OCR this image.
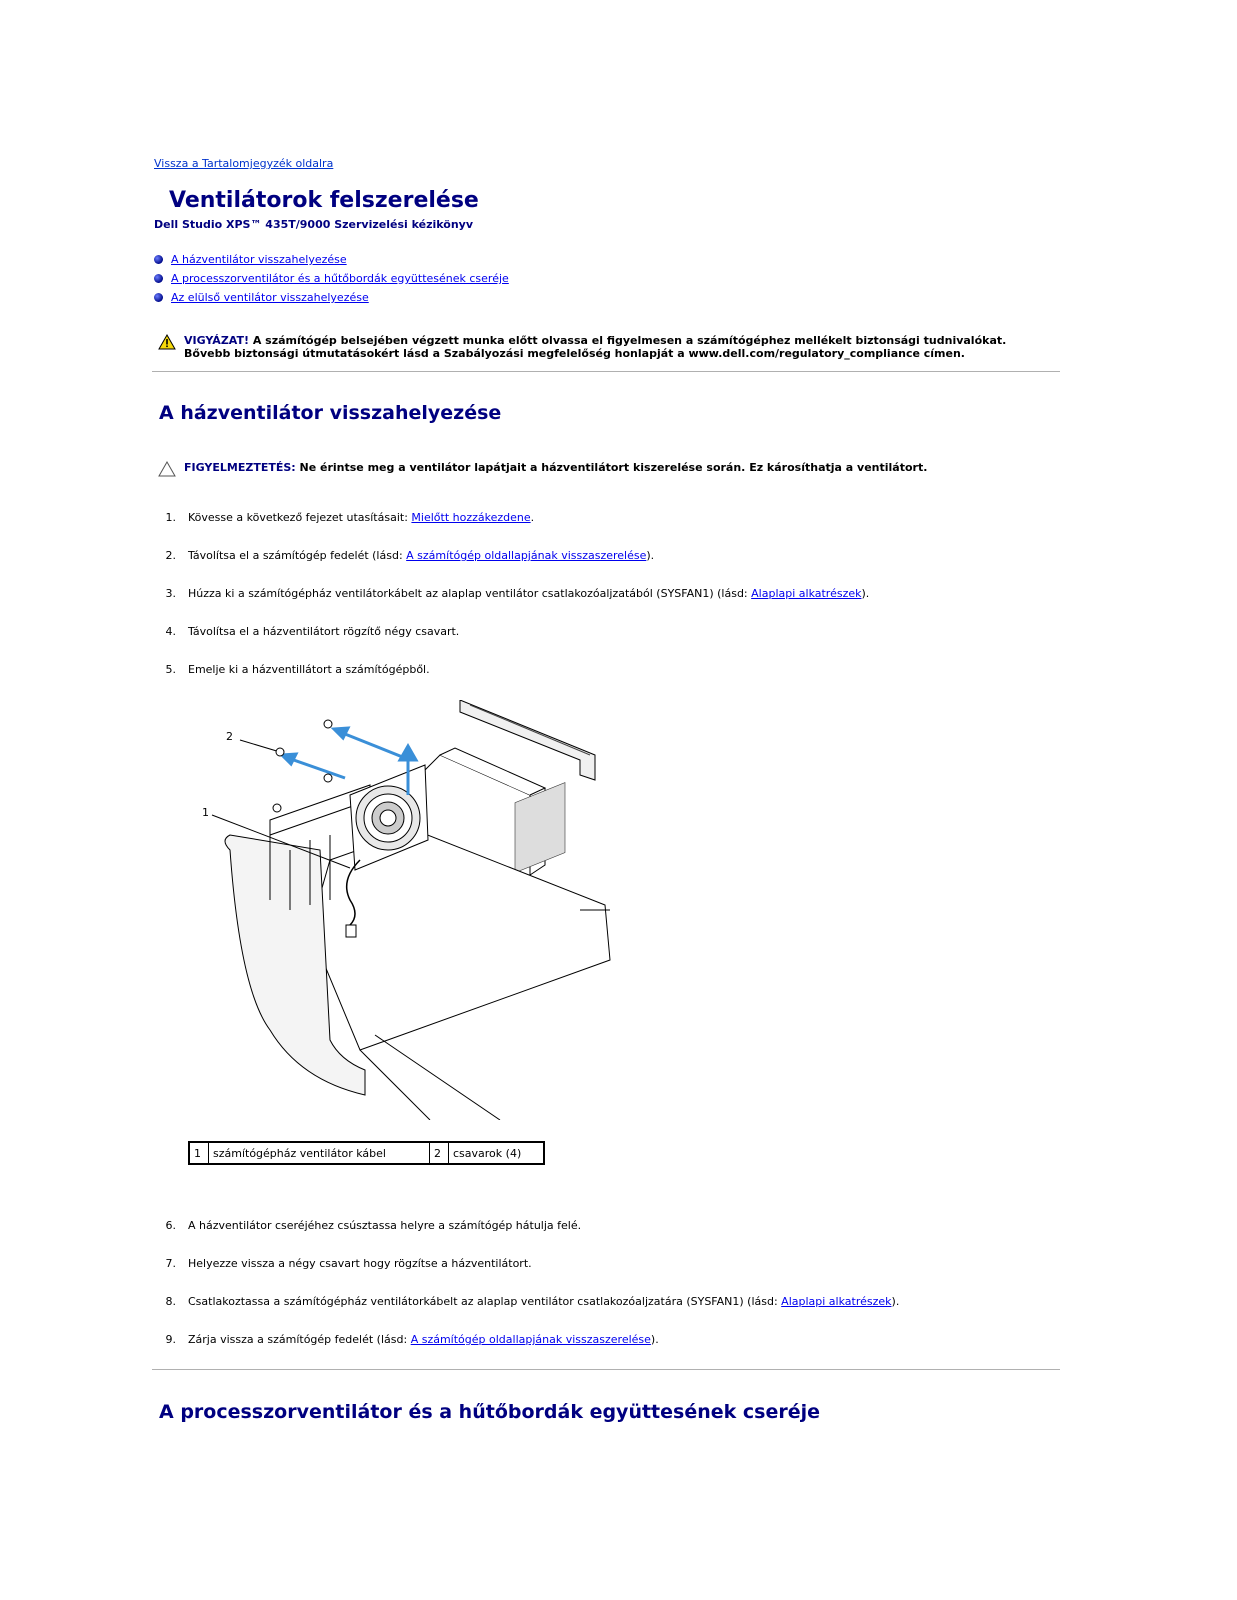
Vissza a Tartalomjegyzék oldalra
Ventilátorok felszerelése
Dell Studio XPS™ 435T/9000 Szervizelési kézikönyv
A házventilátor visszahelyezése
A processzorventilátor és a hűtőbordák együttesének cseréje
Az elülső ventilátor visszahelyezése
VIGYÁZAT! A számítógép belsejében végzett munka előtt olvassa el figyelmesen a számítógéphez mellékelt biztonsági tudnivalókat. Bővebb biztonsági útmutatásokért lásd a Szabályozási megfelelőség honlapját a www.dell.com/regulatory_compliance címen.
A házventilátor visszahelyezése
FIGYELMEZTETÉS: Ne érintse meg a ventilátor lapátjait a házventilátort kiszerelése során. Ez károsíthatja a ventilátort.
1. Kövesse a következő fejezet utasításait: Mielőtt hozzákezdene.
2. Távolítsa el a számítógép fedelét (lásd: A számítógép oldallapjának visszaszerelése).
3. Húzza ki a számítógépház ventilátorkábelt az alaplap ventilátor csatlakozóaljzatából (SYSFAN1) (lásd: Alaplapi alkatrészek).
4. Távolítsa el a házventilátort rögzítő négy csavart.
5. Emelje ki a házventillátort a számítógépből.
2
1
1	számítógépház ventilátor kábel	2	csavarok (4)
6. A házventilátor cseréjéhez csúsztassa helyre a számítógép hátulja felé.
7. Helyezze vissza a négy csavart hogy rögzítse a házventilátort.
8. Csatlakoztassa a számítógépház ventilátorkábelt az alaplap ventilátor csatlakozóaljzatára (SYSFAN1) (lásd: Alaplapi alkatrészek).
9. Zárja vissza a számítógép fedelét (lásd: A számítógép oldallapjának visszaszerelése).
A processzorventilátor és a hűtőbordák együttesének cseréje
